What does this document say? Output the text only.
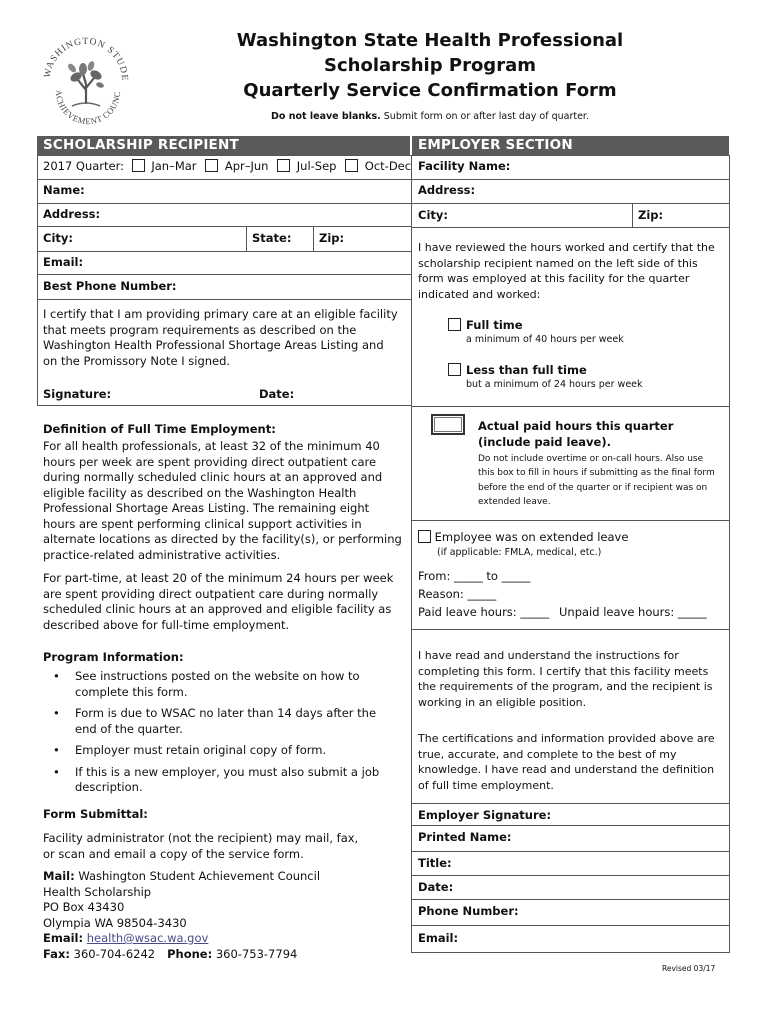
WASHINGTON STUDE
ACHIEVEMENT COUNC
Washington State Health Professional
Scholarship Program
Quarterly Service Confirmation Form
Do not leave blanks. Submit form on or after last day of quarter.
SCHOLARSHIP RECIPIENT	EMPLOYER SECTION
2017 Quarter: Jan–Mar Apr–Jun Jul-Sep Oct-Dec
Name:
Address:
City:	State: Zip:
Email:
Best Phone Number:
I certify that I am providing primary care at an eligible facility that meets program requirements as described on the Washington Health Professional Shortage Areas Listing and on the Promissory Note I signed.
Signature:	Date:
Definition of Full Time Employment:
For all health professionals, at least 32 of the minimum 40 hours per week are spent providing direct outpatient care during normally scheduled clinic hours at an approved and eligible facility as described on the Washington Health Professional Shortage Areas Listing. The remaining eight hours are spent performing clinical support activities in alternate locations as directed by the facility(s), or performing practice-related administrative activities.
For part-time, at least 20 of the minimum 24 hours per week are spent providing direct outpatient care during normally scheduled clinic hours at an approved and eligible facility as described above for full-time employment.
Program Information:
• See instructions posted on the website on how to complete this form.
• Form is due to WSAC no later than 14 days after the end of the quarter.
• Employer must retain original copy of form.
• If this is a new employer, you must also submit a job description.
Form Submittal:
Facility administrator (not the recipient) may mail, fax, or scan and email a copy of the service form.
Mail: Washington Student Achievement Council
Health Scholarship
PO Box 43430
Olympia WA 98504-3430
Email: health@wsac.wa.gov
Fax: 360-704-6242 Phone: 360-753-7794
Facility Name:
Address:
City:	Zip:
I have reviewed the hours worked and certify that the scholarship recipient named on the left side of this form was employed at this facility for the quarter indicated and worked:
Full time
a minimum of 40 hours per week
Less than full time
but a minimum of 24 hours per week
Actual paid hours this quarter
(include paid leave).
Do not include overtime or on-call hours. Also use this box to fill in hours if submitting as the final form before the end of the quarter or if recipient was on extended leave.
Employee was on extended leave
(if applicable: FMLA, medical, etc.)
From: _____ to _____
Reason: _____
Paid leave hours: _____ Unpaid leave hours: _____
I have read and understand the instructions for completing this form. I certify that this facility meets the requirements of the program, and the recipient is working in an eligible position.
The certifications and information provided above are true, accurate, and complete to the best of my knowledge. I have read and understand the definition of full time employment.
Employer Signature:
Printed Name:
Title:
Date:
Phone Number:
Email:
Revised 03/17
